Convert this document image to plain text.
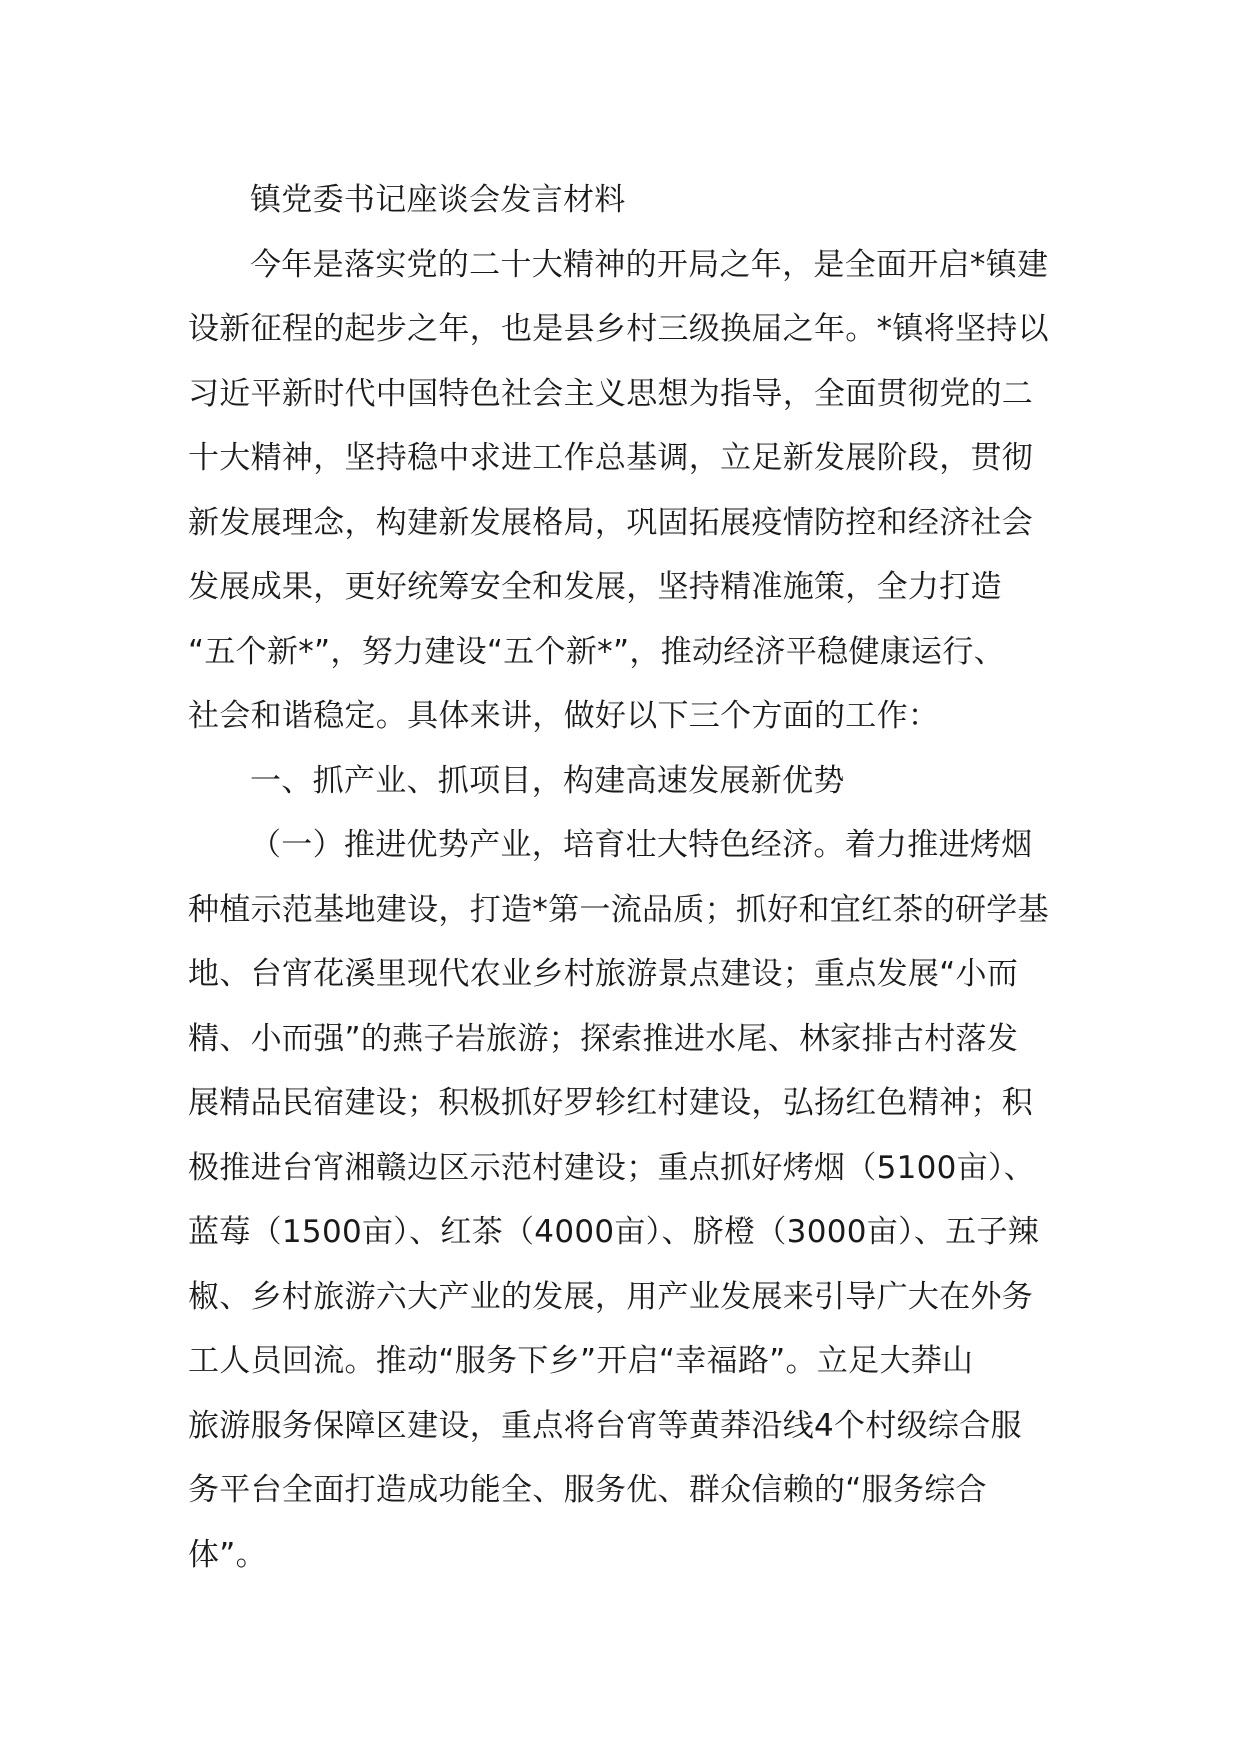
镇党委书记座谈会发言材料
今年是落实党的二十大精神的开局之年，是全面开启*镇建
设新征程的起步之年，也是县乡村三级换届之年。*镇将坚持以
习近平新时代中国特色社会主义思想为指导，全面贯彻党的二
十大精神，坚持稳中求进工作总基调，立足新发展阶段，贯彻
新发展理念，构建新发展格局，巩固拓展疫情防控和经济社会
发展成果，更好统筹安全和发展，坚持精准施策，全力打造
“五个新*”，努力建设“五个新*”，推动经济平稳健康运行、
社会和谐稳定。具体来讲，做好以下三个方面的工作：
一、抓产业、抓项目，构建高速发展新优势
（一）推进优势产业，培育壮大特色经济。着力推进烤烟
种植示范基地建设，打造*第一流品质；抓好和宜红茶的研学基
地、台宵花溪里现代农业乡村旅游景点建设；重点发展“小而
精、小而强”的燕子岩旅游；探索推进水尾、林家排古村落发
展精品民宿建设；积极抓好罗轸红村建设，弘扬红色精神；积
极推进台宵湘赣边区示范村建设；重点抓好烤烟（5100亩）、
蓝莓（1500亩）、红茶（4000亩）、脐橙（3000亩）、五子辣
椒、乡村旅游六大产业的发展，用产业发展来引导广大在外务
工人员回流。推动“服务下乡”开启“幸福路”。立足大莽山
旅游服务保障区建设，重点将台宵等黄莽沿线4个村级综合服
务平台全面打造成功能全、服务优、群众信赖的“服务综合
体”。
